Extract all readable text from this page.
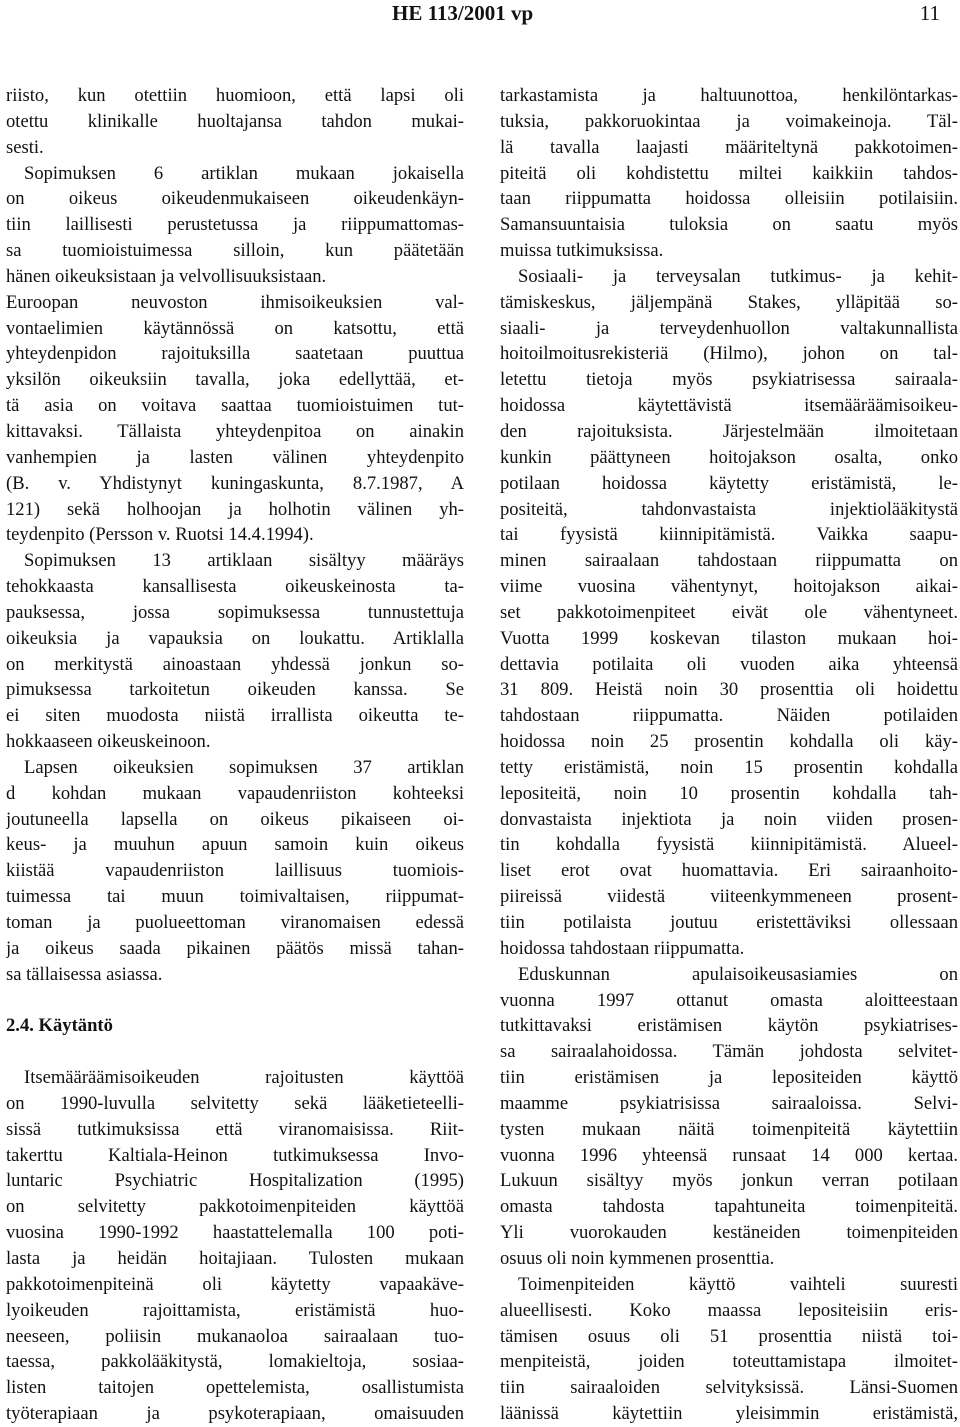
HE 113/2001 vp	11
riisto, kun otettiin huomioon, että lapsi oli
otettu klinikalle huoltajansa tahdon mukai-
sesti.
Sopimuksen 6 artiklan mukaan jokaisella
on oikeus oikeudenmukaiseen oikeudenkäyn-
tiin laillisesti perustetussa ja riippumattomas-
sa tuomioistuimessa silloin, kun päätetään
hänen oikeuksistaan ja velvollisuuksistaan.
Euroopan neuvoston ihmisoikeuksien val-
vontaelimien käytännössä on katsottu, että
yhteydenpidon rajoituksilla saatetaan puuttua
yksilön oikeuksiin tavalla, joka edellyttää, et-
tä asia on voitava saattaa tuomioistuimen tut-
kittavaksi. Tällaista yhteydenpitoa on ainakin
vanhempien ja lasten välinen yhteydenpito
(B. v. Yhdistynyt kuningaskunta, 8.7.1987, A
121) sekä holhoojan ja holhotin välinen yh-
teydenpito (Persson v. Ruotsi 14.4.1994).
Sopimuksen 13 artiklaan sisältyy määräys
tehokkaasta kansallisesta oikeuskeinosta ta-
pauksessa, jossa sopimuksessa tunnustettuja
oikeuksia ja vapauksia on loukattu. Artiklalla
on merkitystä ainoastaan yhdessä jonkun so-
pimuksessa tarkoitetun oikeuden kanssa. Se
ei siten muodosta niistä irrallista oikeutta te-
hokkaaseen oikeuskeinoon.
Lapsen oikeuksien sopimuksen 37 artiklan
d kohdan mukaan vapaudenriiston kohteeksi
joutuneella lapsella on oikeus pikaiseen oi-
keus- ja muuhun apuun samoin kuin oikeus
kiistää vapaudenriiston laillisuus tuomiois-
tuimessa tai muun toimivaltaisen, riippumat-
toman ja puolueettoman viranomaisen edessä
ja oikeus saada pikainen päätös missä tahan-
sa tällaisessa asiassa.
2.4. Käytäntö
Itsemääräämisoikeuden rajoitusten käyttöä
on 1990-luvulla selvitetty sekä lääketieteelli-
sissä tutkimuksissa että viranomaisissa. Riit-
takerttu Kaltiala-Heinon tutkimuksessa Invo-
luntaric Psychiatric Hospitalization (1995)
on selvitetty pakkotoimenpiteiden käyttöä
vuosina 1990-1992 haastattelemalla 100 poti-
lasta ja heidän hoitajiaan. Tulosten mukaan
pakkotoimenpiteinä oli käytetty vapaakäve-
lyoikeuden rajoittamista, eristämistä huo-
neeseen, poliisin mukanaoloa sairaalaan tuo-
taessa, pakkolääkitystä, lomakieltoja, sosiaa-
listen taitojen opettelemista, osallistumista
työterapiaan ja psykoterapiaan, omaisuuden
tarkastamista ja haltuunottoa, henkilöntarkas-
tuksia, pakkoruokintaa ja voimakeinoja. Täl-
lä tavalla laajasti määriteltynä pakkotoimen-
piteitä oli kohdistettu miltei kaikkiin tahdos-
taan riippumatta hoidossa olleisiin potilaisiin.
Samansuuntaisia tuloksia on saatu myös
muissa tutkimuksissa.
Sosiaali- ja terveysalan tutkimus- ja kehit-
tämiskeskus, jäljempänä Stakes, ylläpitää so-
siaali- ja terveydenhuollon valtakunnallista
hoitoilmoitusrekisteriä (Hilmo), johon on tal-
letettu tietoja myös psykiatrisessa sairaala-
hoidossa käytettävistä itsemääräämisoikeu-
den rajoituksista. Järjestelmään ilmoitetaan
kunkin päättyneen hoitojakson osalta, onko
potilaan hoidossa käytetty eristämistä, le-
positeitä, tahdonvastaista injektiolääkitystä
tai fyysistä kiinnipitämistä. Vaikka saapu-
minen sairaalaan tahdostaan riippumatta on
viime vuosina vähentynyt, hoitojakson aikai-
set pakkotoimenpiteet eivät ole vähentyneet.
Vuotta 1999 koskevan tilaston mukaan hoi-
dettavia potilaita oli vuoden aika yhteensä
31 809. Heistä noin 30 prosenttia oli hoidettu
tahdostaan riippumatta. Näiden potilaiden
hoidossa noin 25 prosentin kohdalla oli käy-
tetty eristämistä, noin 15 prosentin kohdalla
lepositeitä, noin 10 prosentin kohdalla tah-
donvastaista injektiota ja noin viiden prosen-
tin kohdalla fyysistä kiinnipitämistä. Alueel-
liset erot ovat huomattavia. Eri sairaanhoito-
piireissä viidestä viiteenkymmeneen prosent-
tiin potilaista joutuu eristettäviksi ollessaan
hoidossa tahdostaan riippumatta.
Eduskunnan apulaisoikeusasiamies on
vuonna 1997 ottanut omasta aloitteestaan
tutkittavaksi eristämisen käytön psykiatrises-
sa sairaalahoidossa. Tämän johdosta selvitet-
tiin eristämisen ja lepositeiden käyttö
maamme psykiatrisissa sairaaloissa. Selvi-
tysten mukaan näitä toimenpiteitä käytettiin
vuonna 1996 yhteensä runsaat 14 000 kertaa.
Lukuun sisältyy myös jonkun verran potilaan
omasta tahdosta tapahtuneita toimenpiteitä.
Yli vuorokauden kestäneiden toimenpiteiden
osuus oli noin kymmenen prosenttia.
Toimenpiteiden käyttö vaihteli suuresti
alueellisesti. Koko maassa lepositeisiin eris-
tämisen osuus oli 51 prosenttia niistä toi-
menpiteistä, joiden toteuttamistapa ilmoitet-
tiin sairaaloiden selvityksissä. Länsi-Suomen
läänissä käytettiin yleisimmin eristämistä,
